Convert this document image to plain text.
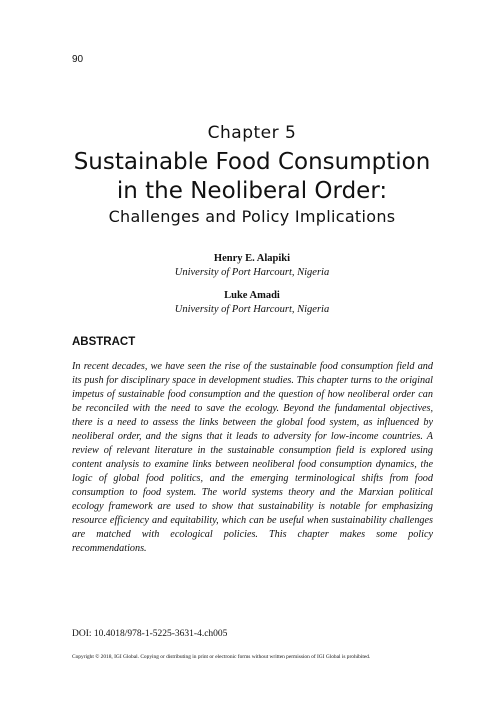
90
Chapter 5
Sustainable Food Consumption
in the Neoliberal Order:
Challenges and Policy Implications
Henry E. Alapiki
University of Port Harcourt, Nigeria
Luke Amadi
University of Port Harcourt, Nigeria
ABSTRACT
In recent decades, we have seen the rise of the sustainable food consumption field and its push for disciplinary space in development studies. This chapter turns to the original impetus of sustainable food consumption and the question of how neoliberal order can be reconciled with the need to save the ecology. Beyond the fundamental objectives, there is a need to assess the links between the global food system, as influenced by neoliberal order, and the signs that it leads to adversity for low-income countries. A review of relevant literature in the sustainable consumption field is explored using content analysis to examine links between neoliberal food consumption dynamics, the logic of global food politics, and the emerging terminological shifts from food consumption to food system. The world systems theory and the Marxian political ecology framework are used to show that sustainability is notable for emphasizing resource efficiency and equitability, which can be useful when sustainability challenges are matched with ecological policies. This chapter makes some policy recommendations.
DOI: 10.4018/978-1-5225-3631-4.ch005
Copyright © 2018, IGI Global. Copying or distributing in print or electronic forms without written permission of IGI Global is prohibited.
